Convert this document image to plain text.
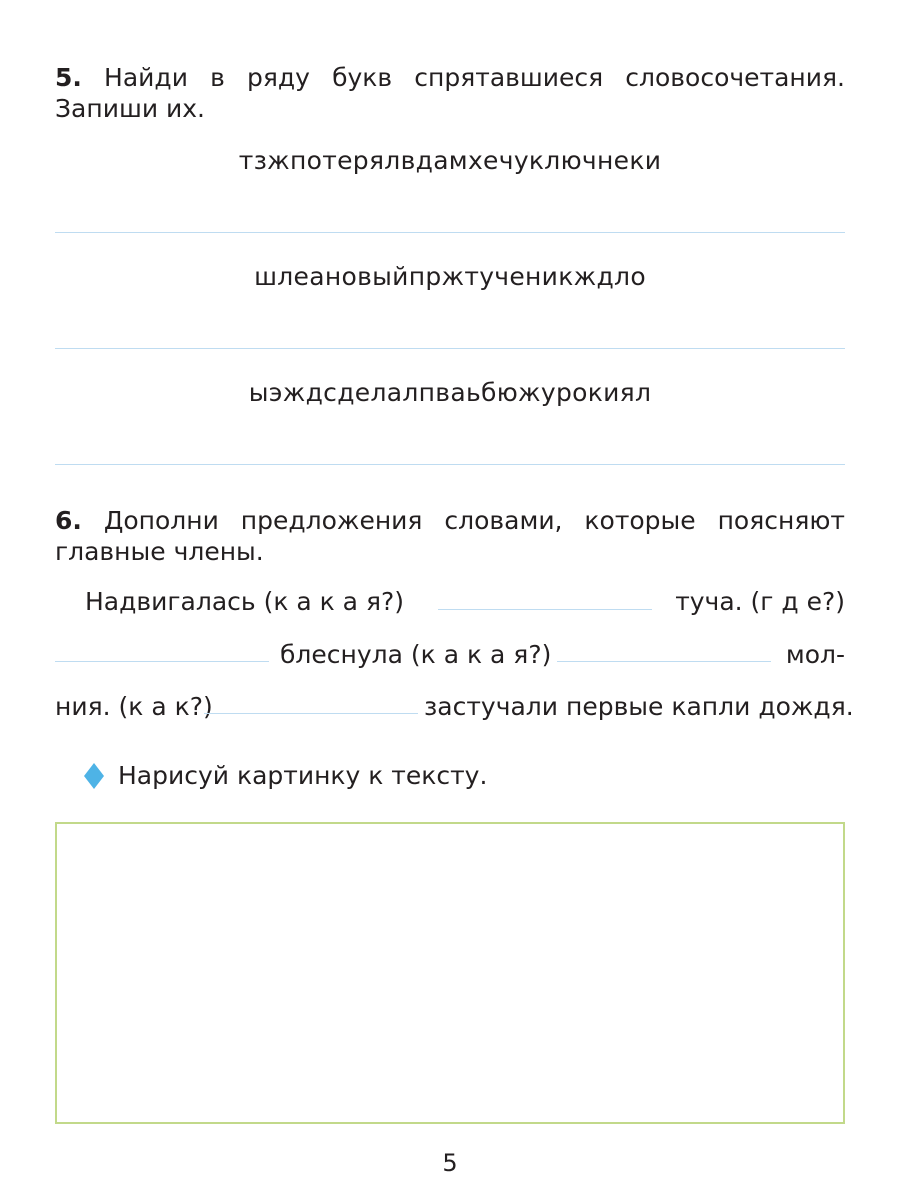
5. Найди в ряду букв спрятавшиеся словосочетания. Запиши их.
тзжпотерялвдамхечуключнеки
шлеановыйпржтученикждло
ыэждсделалпваьбюжурокиял
6. Дополни предложения словами, которые поясняют главные члены.
Надвигалась (к а к а я?)	туча. (г д е?)
блеснула (к а к а я?)	мол-
ния. (к а к?)	застучали первые капли дождя.
Нарисуй картинку к тексту.
5
